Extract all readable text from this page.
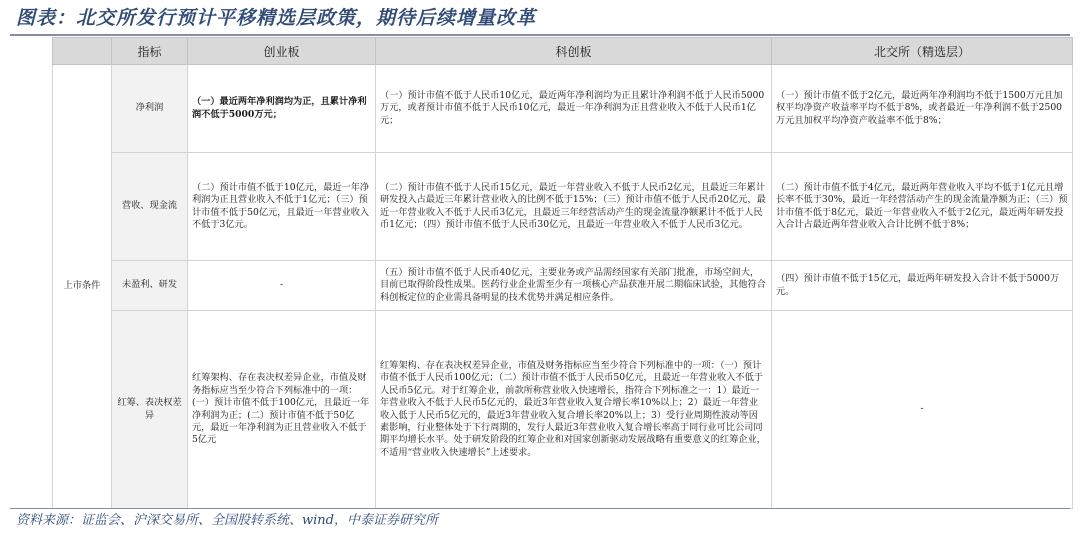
图表：北交所发行预计平移精选层政策，期待后续增量改革
	指标	创业板	科创板	北交所（精选层）
上市条件	净利润	（一）最近两年净利润均为正，且累计净利润不低于5000万元；	（一）预计市值不低于人民币10亿元，最近两年净利润均为正且累计净利润不低于人民币5000万元，或者预计市值不低于人民币10亿元，最近一年净利润为正且营业收入不低于人民币1亿元；	（一）预计市值不低于2亿元，最近两年净利润均不低于1500万元且加权平均净资产收益率平均不低于8%，或者最近一年净利润不低于2500万元且加权平均净资产收益率不低于8%；
	营收、现金流	（二）预计市值不低于10亿元，最近一年净利润为正且营业收入不低于1亿元；（三）预计市值不低于50亿元，且最近一年营业收入不低于3亿元。	（二）预计市值不低于人民币15亿元，最近一年营业收入不低于人民币2亿元，且最近三年累计研发投入占最近三年累计营业收入的比例不低于15%；（三）预计市值不低于人民币20亿元，最近一年营业收入不低于人民币3亿元，且最近三年经营活动产生的现金流量净额累计不低于人民币1亿元；（四）预计市值不低于人民币30亿元，且最近一年营业收入不低于人民币3亿元。	（二）预计市值不低于4亿元，最近两年营业收入平均不低于1亿元且增长率不低于30%，最近一年经营活动产生的现金流量净额为正；（三）预计市值不低于8亿元，最近一年营业收入不低于2亿元，最近两年研发投入合计占最近两年营业收入合计比例不低于8%；
	未盈利、研发	-	（五）预计市值不低于人民币40亿元，主要业务或产品需经国家有关部门批准，市场空间大，目前已取得阶段性成果。医药行业企业需至少有一项核心产品获准开展二期临床试验，其他符合科创板定位的企业需具备明显的技术优势并满足相应条件。	（四）预计市值不低于15亿元，最近两年研发投入合计不低于5000万元。
	红筹、表决权差异	红筹架构、存在表决权差异企业，市值及财务指标应当至少符合下列标准中的一项：(一）预计市值不低于100亿元，且最近一年净利润为正；(二）预计市值不低于50亿元，最近一年净利润为正且营业收入不低于5亿元	红筹架构、存在表决权差异企业，市值及财务指标应当至少符合下列标准中的一项：（一）预计市值不低于人民币100亿元；（二）预计市值不低于人民币50亿元，且最近一年营业收入不低于人民币5亿元。对于红筹企业，前款所称营业收入快速增长，指符合下列标准之一：1）最近一年营业收入不低于人民币5亿元的，最近3年营业收入复合增长率10%以上；2）最近一年营业收入低于人民币5亿元的，最近3年营业收入复合增长率20%以上；3）受行业周期性波动等因素影响，行业整体处于下行周期的，发行人最近3年营业收入复合增长率高于同行业可比公司同期平均增长水平。处于研发阶段的红筹企业和对国家创新驱动发展战略有重要意义的红筹企业，不适用“营业收入快速增长”上述要求。	-
资料来源：证监会、沪深交易所、全国股转系统、wind，中泰证券研究所
